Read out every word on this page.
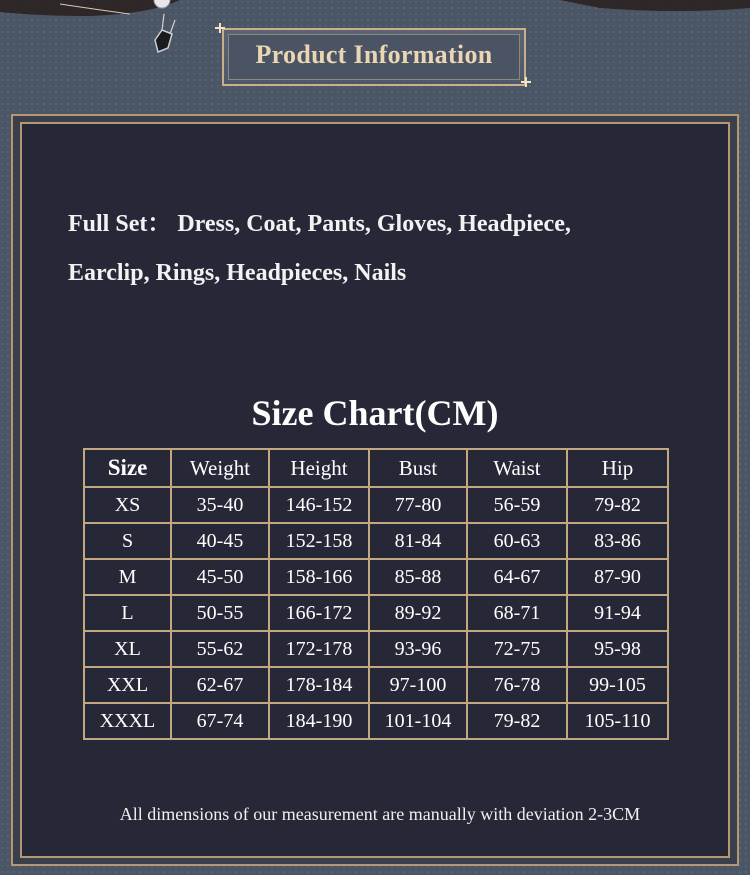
Product Information
Full Set： Dress, Coat, Pants, Gloves, Headpiece,
Earclip, Rings, Headpieces, Nails
Size Chart(CM)
Size	Weight	Height	Bust	Waist	Hip
XS	35-40	146-152	77-80	56-59	79-82
S	40-45	152-158	81-84	60-63	83-86
M	45-50	158-166	85-88	64-67	87-90
L	50-55	166-172	89-92	68-71	91-94
XL	55-62	172-178	93-96	72-75	95-98
XXL	62-67	178-184	97-100	76-78	99-105
XXXL	67-74	184-190	101-104	79-82	105-110
All dimensions of our measurement are manually with deviation 2-3CM
